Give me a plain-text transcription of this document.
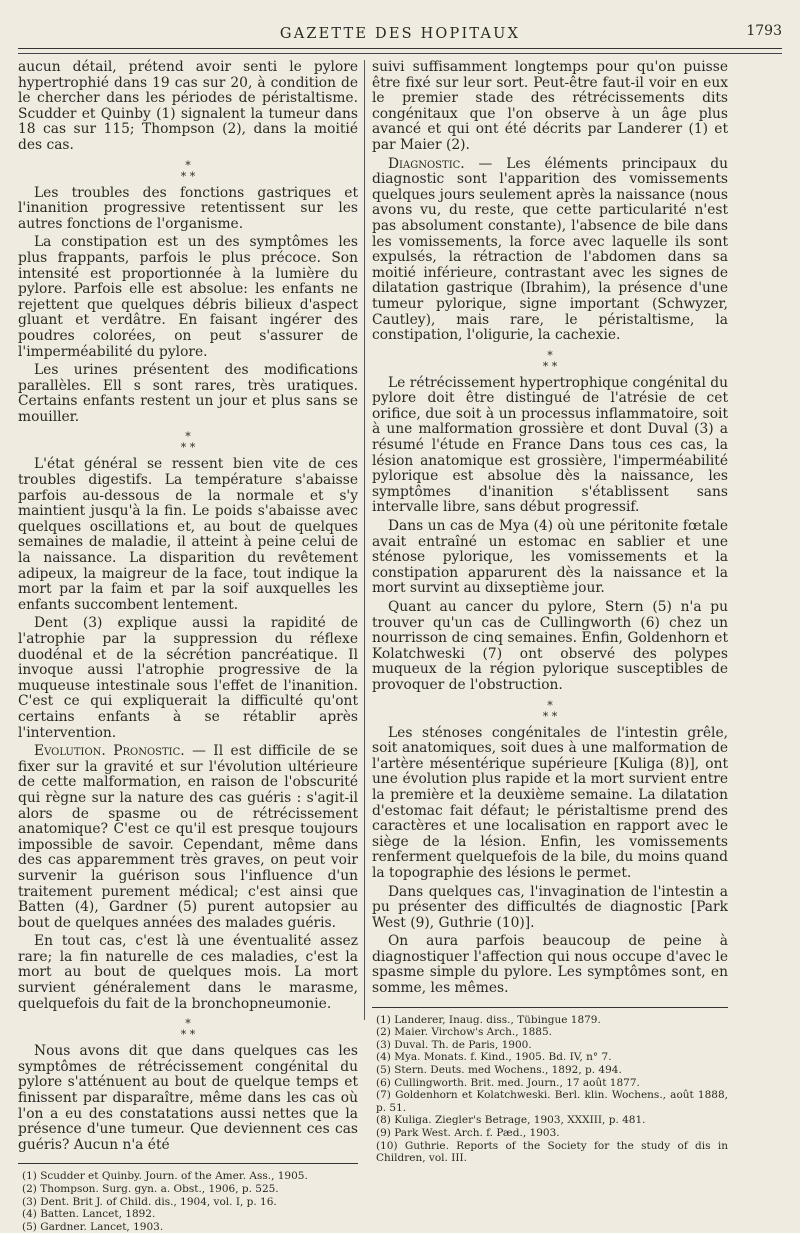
GAZETTE DES HOPITAUX	1793

aucun détail, prétend avoir senti le pylore hypertrophié dans 19 cas sur 20, à condition de le chercher dans les périodes de péristaltisme. Scudder et Quinby (1) signalent la tumeur dans 18 cas sur 115; Thompson (2), dans la moitié des cas.

*
* *

Les troubles des fonctions gastriques et l'inanition progressive retentissent sur les autres fonctions de l'organisme.

La constipation est un des symptômes les plus frappants, parfois le plus précoce. Son intensité est proportionnée à la lumière du pylore. Parfois elle est absolue: les enfants ne rejettent que quelques débris bilieux d'aspect gluant et verdâtre. En faisant ingérer des poudres colorées, on peut s'assurer de l'imperméabilité du pylore.

Les urines présentent des modifications parallèles. Ell s sont rares, très uratiques. Certains enfants restent un jour et plus sans se mouiller.

*
* *

L'état général se ressent bien vite de ces troubles digestifs. La température s'abaisse parfois au-dessous de la normale et s'y maintient jusqu'à la fin. Le poids s'abaisse avec quelques oscillations et, au bout de quelques semaines de maladie, il atteint à peine celui de la naissance. La disparition du revêtement adipeux, la maigreur de la face, tout indique la mort par la faim et par la soif auxquelles les enfants succombent lentement.

Dent (3) explique aussi la rapidité de l'atrophie par la suppression du réflexe duodénal et de la sécrétion pancréatique. Il invoque aussi l'atrophie progressive de la muqueuse intestinale sous l'effet de l'inanition. C'est ce qui expliquerait la difficulté qu'ont certains enfants à se rétablir après l'intervention.

Evolution. Pronostic. — Il est difficile de se fixer sur la gravité et sur l'évolution ultérieure de cette malformation, en raison de l'obscurité qui règne sur la nature des cas guéris : s'agit-il alors de spasme ou de rétrécissement anatomique? C'est ce qu'il est presque toujours impossible de savoir. Cependant, même dans des cas apparemment très graves, on peut voir survenir la guérison sous l'influence d'un traitement purement médical; c'est ainsi que Batten (4), Gardner (5) purent autopsier au bout de quelques années des malades guéris.

En tout cas, c'est là une éventualité assez rare; la fin naturelle de ces maladies, c'est la mort au bout de quelques mois. La mort survient généralement dans le marasme, quelquefois du fait de la bronchopneumonie.

*
* *

Nous avons dit que dans quelques cas les symptômes de rétrécissement congénital du pylore s'atténuent au bout de quelque temps et finissent par disparaître, même dans les cas où l'on a eu des constatations aussi nettes que la présence d'une tumeur. Que deviennent ces cas guéris? Aucun n'a été

(1) Scudder et Quinby. Journ. of the Amer. Ass., 1905.
(2) Thompson. Surg. gyn. a. Obst., 1906, p. 525.
(3) Dent. Brit J. of Child. dis., 1904, vol. I, p. 16.
(4) Batten. Lancet, 1892.
(5) Gardner. Lancet, 1903.

suivi suffisamment longtemps pour qu'on puisse être fixé sur leur sort. Peut-être faut-il voir en eux le premier stade des rétrécissements dits congénitaux que l'on observe à un âge plus avancé et qui ont été décrits par Landerer (1) et par Maier (2).

Diagnostic. — Les éléments principaux du diagnostic sont l'apparition des vomissements quelques jours seulement après la naissance (nous avons vu, du reste, que cette particularité n'est pas absolument constante), l'absence de bile dans les vomissements, la force avec laquelle ils sont expulsés, la rétraction de l'abdomen dans sa moitié inférieure, contrastant avec les signes de dilatation gastrique (Ibrahim), la présence d'une tumeur pylorique, signe important (Schwyzer, Cautley), mais rare, le péristaltisme, la constipation, l'oligurie, la cachexie.

*
* *

Le rétrécissement hypertrophique congénital du pylore doit être distingué de l'atrésie de cet orifice, due soit à un processus inflammatoire, soit à une malformation grossière et dont Duval (3) a résumé l'étude en France Dans tous ces cas, la lésion anatomique est grossière, l'imperméabilité pylorique est absolue dès la naissance, les symptômes d'inanition s'établissent sans intervalle libre, sans début progressif.

Dans un cas de Mya (4) où une péritonite fœtale avait entraîné un estomac en sablier et une sténose pylorique, les vomissements et la constipation apparurent dès la naissance et la mort survint au dixseptième jour.

Quant au cancer du pylore, Stern (5) n'a pu trouver qu'un cas de Cullingworth (6) chez un nourrisson de cinq semaines. Enfin, Goldenhorn et Kolatchweski (7) ont observé des polypes muqueux de la région pylorique susceptibles de provoquer de l'obstruction.

*
* *

Les sténoses congénitales de l'intestin grêle, soit anatomiques, soit dues à une malformation de l'artère mésentérique supérieure [Kuliga (8)], ont une évolution plus rapide et la mort survient entre la première et la deuxième semaine. La dilatation d'estomac fait défaut; le péristaltisme prend des caractères et une localisation en rapport avec le siège de la lésion. Enfin, les vomissements renferment quelquefois de la bile, du moins quand la topographie des lésions le permet.

Dans quelques cas, l'invagination de l'intestin a pu présenter des difficultés de diagnostic [Park West (9), Guthrie (10)].

On aura parfois beaucoup de peine à diagnostiquer l'affection qui nous occupe d'avec le spasme simple du pylore. Les symptômes sont, en somme, les mêmes.

(1) Landerer, Inaug. diss., Tübingue 1879.
(2) Maier. Virchow's Arch., 1885.
(3) Duval. Th. de Paris, 1900.
(4) Mya. Monats. f. Kind., 1905. Bd. IV, n° 7.
(5) Stern. Deuts. med Wochens., 1892, p. 494.
(6) Cullingworth. Brit. med. Journ., 17 août 1877.
(7) Goldenhorn et Kolatchweski. Berl. klin. Wochens., août 1888, p. 51.
(8) Kuliga. Ziegler's Betrage, 1903, XXXIII, p. 481.
(9) Park West. Arch. f. Pæd., 1903.
(10) Guthrie. Reports of the Society for the study of dis in Children, vol. III.
